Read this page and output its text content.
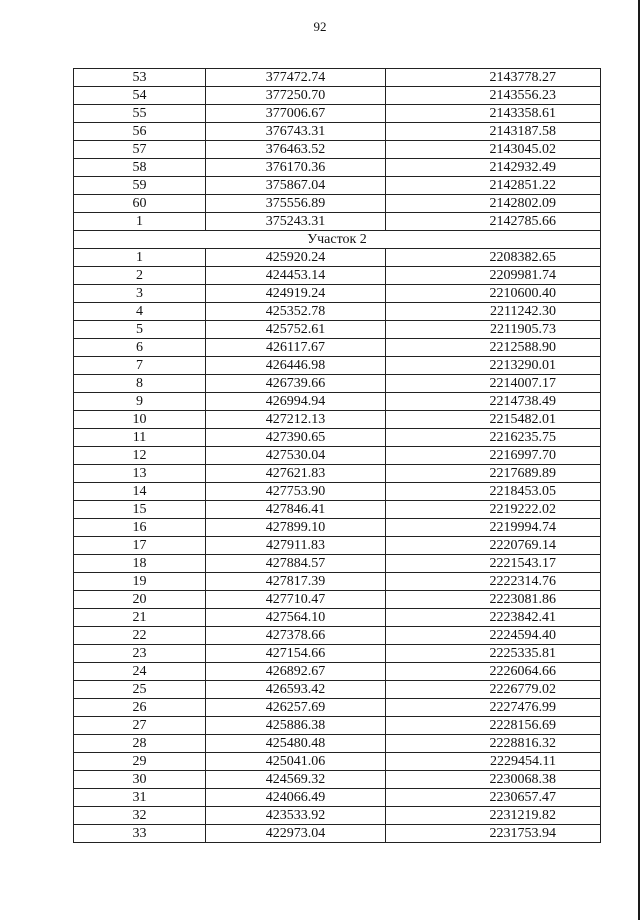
92
53	377472.74	2143778.27
54	377250.70	2143556.23
55	377006.67	2143358.61
56	376743.31	2143187.58
57	376463.52	2143045.02
58	376170.36	2142932.49
59	375867.04	2142851.22
60	375556.89	2142802.09
1	375243.31	2142785.66
Участок 2		
1	425920.24	2208382.65
2	424453.14	2209981.74
3	424919.24	2210600.40
4	425352.78	2211242.30
5	425752.61	2211905.73
6	426117.67	2212588.90
7	426446.98	2213290.01
8	426739.66	2214007.17
9	426994.94	2214738.49
10	427212.13	2215482.01
11	427390.65	2216235.75
12	427530.04	2216997.70
13	427621.83	2217689.89
14	427753.90	2218453.05
15	427846.41	2219222.02
16	427899.10	2219994.74
17	427911.83	2220769.14
18	427884.57	2221543.17
19	427817.39	2222314.76
20	427710.47	2223081.86
21	427564.10	2223842.41
22	427378.66	2224594.40
23	427154.66	2225335.81
24	426892.67	2226064.66
25	426593.42	2226779.02
26	426257.69	2227476.99
27	425886.38	2228156.69
28	425480.48	2228816.32
29	425041.06	2229454.11
30	424569.32	2230068.38
31	424066.49	2230657.47
32	423533.92	2231219.82
33	422973.04	2231753.94
